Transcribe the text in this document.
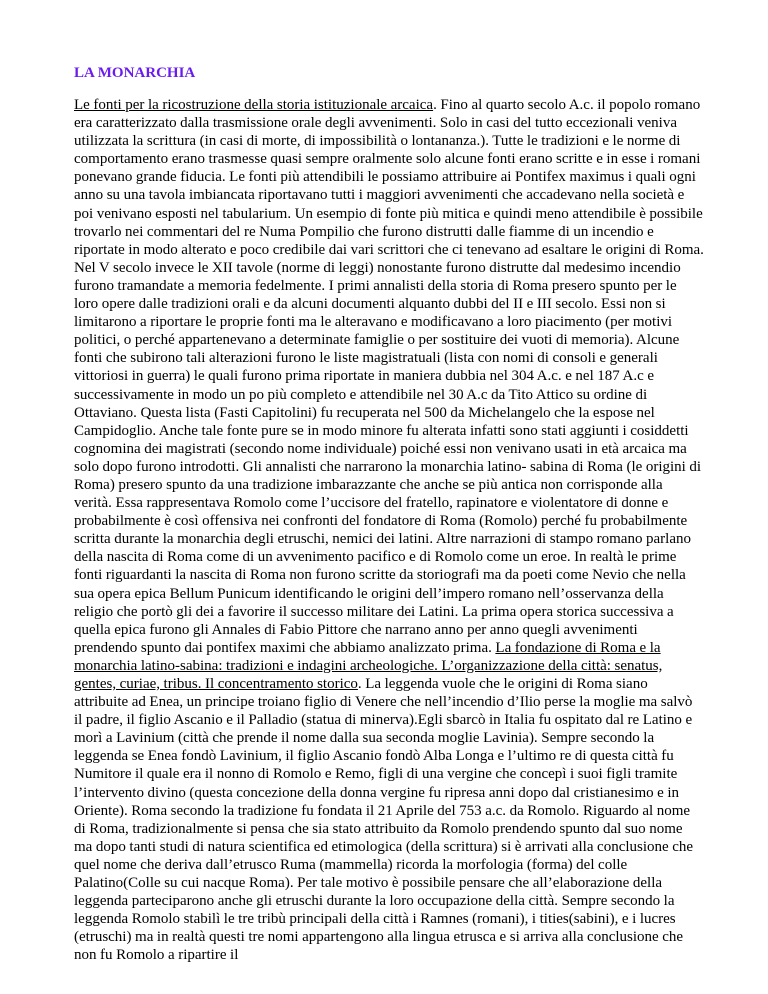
LA MONARCHIA

Le fonti per la ricostruzione della storia istituzionale arcaica. Fino al quarto secolo A.c. il popolo romano era caratterizzato dalla trasmissione orale degli avvenimenti. Solo in casi del tutto eccezionali veniva utilizzata la scrittura (in casi di morte, di impossibilità o lontananza.). Tutte le tradizioni e le norme di comportamento erano trasmesse quasi sempre oralmente solo alcune fonti erano scritte e in esse i romani ponevano grande fiducia. Le fonti più attendibili le possiamo attribuire ai Pontifex maximus i quali ogni anno su una tavola imbiancata riportavano tutti i maggiori avvenimenti che accadevano nella società e poi venivano esposti nel tabularium. Un esempio di fonte più mitica e quindi meno attendibile è possibile trovarlo nei commentari del re Numa Pompilio che furono distrutti dalle fiamme di un incendio e riportate in modo alterato e poco credibile dai vari scrittori che ci tenevano ad esaltare le origini di Roma. Nel V secolo invece le XII tavole (norme di leggi) nonostante furono distrutte dal medesimo incendio furono tramandate a memoria fedelmente. I primi annalisti della storia di Roma presero spunto per le loro opere dalle tradizioni orali e da alcuni documenti alquanto dubbi del II e III secolo. Essi non si limitarono a riportare le proprie fonti ma le alteravano e modificavano a loro piacimento (per motivi politici, o perché appartenevano a determinate famiglie o per sostituire dei vuoti di memoria). Alcune fonti che subirono tali alterazioni furono le liste magistratuali (lista con nomi di consoli e generali vittoriosi in guerra) le quali furono prima riportate in maniera dubbia nel 304 A.c. e nel 187 A.c e successivamente in modo un po più completo e attendibile nel 30 A.c da Tito Attico su ordine di Ottaviano. Questa lista (Fasti Capitolini) fu recuperata nel 500 da Michelangelo che la espose nel Campidoglio. Anche tale fonte pure se in modo minore fu alterata infatti sono stati aggiunti i cosiddetti cognomina dei magistrati (secondo nome individuale) poiché essi non venivano usati in età arcaica ma solo dopo furono introdotti. Gli annalisti che narrarono la monarchia latino- sabina di Roma (le origini di Roma) presero spunto da una tradizione imbarazzante che anche se più antica non corrisponde alla verità. Essa rappresentava Romolo come l’uccisore del fratello, rapinatore e violentatore di donne e probabilmente è così offensiva nei confronti del fondatore di Roma (Romolo) perché fu probabilmente scritta durante la monarchia degli etruschi, nemici dei latini. Altre narrazioni di stampo romano parlano della nascita di Roma come di un avvenimento pacifico e di Romolo come un eroe. In realtà le prime fonti riguardanti la nascita di Roma non furono scritte da storiografi ma da poeti come Nevio che nella sua opera epica Bellum Punicum identificando le origini dell’impero romano nell’osservanza della religio che portò gli dei a favorire il successo militare dei Latini. La prima opera storica successiva a quella epica furono gli Annales di Fabio Pittore che narrano anno per anno quegli avvenimenti prendendo spunto dai pontifex maximi che abbiamo analizzato prima. La fondazione di Roma e la monarchia latino-sabina: tradizioni e indagini archeologiche. L’organizzazione della città: senatus, gentes, curiae, tribus. Il concentramento storico. La leggenda vuole che le origini di Roma siano attribuite ad Enea, un principe troiano figlio di Venere che nell’incendio d’Ilio perse la moglie ma salvò il padre, il figlio Ascanio e il Palladio (statua di minerva).Egli sbarcò in Italia fu ospitato dal re Latino e morì a Lavinium (città che prende il nome dalla sua seconda moglie Lavinia). Sempre secondo la leggenda se Enea fondò Lavinium, il figlio Ascanio fondò Alba Longa e l’ultimo re di questa città fu Numitore il quale era il nonno di Romolo e Remo, figli di una vergine che concepì i suoi figli tramite l’intervento divino (questa concezione della donna vergine fu ripresa anni dopo dal cristianesimo e in Oriente). Roma secondo la tradizione fu fondata il 21 Aprile del 753 a.c. da Romolo. Riguardo al nome di Roma, tradizionalmente si pensa che sia stato attribuito da Romolo prendendo spunto dal suo nome ma dopo tanti studi di natura scientifica ed etimologica (della scrittura) si è arrivati alla conclusione che quel nome che deriva dall’etrusco Ruma (mammella) ricorda la morfologia (forma) del colle Palatino(Colle su cui nacque Roma). Per tale motivo è possibile pensare che all’elaborazione della leggenda parteciparono anche gli etruschi durante la loro occupazione della città. Sempre secondo la leggenda Romolo stabilì le tre tribù principali della città i Ramnes (romani), i tities(sabini), e i lucres (etruschi) ma in realtà questi tre nomi appartengono alla lingua etrusca e si arriva alla conclusione che non fu Romolo a ripartire il
